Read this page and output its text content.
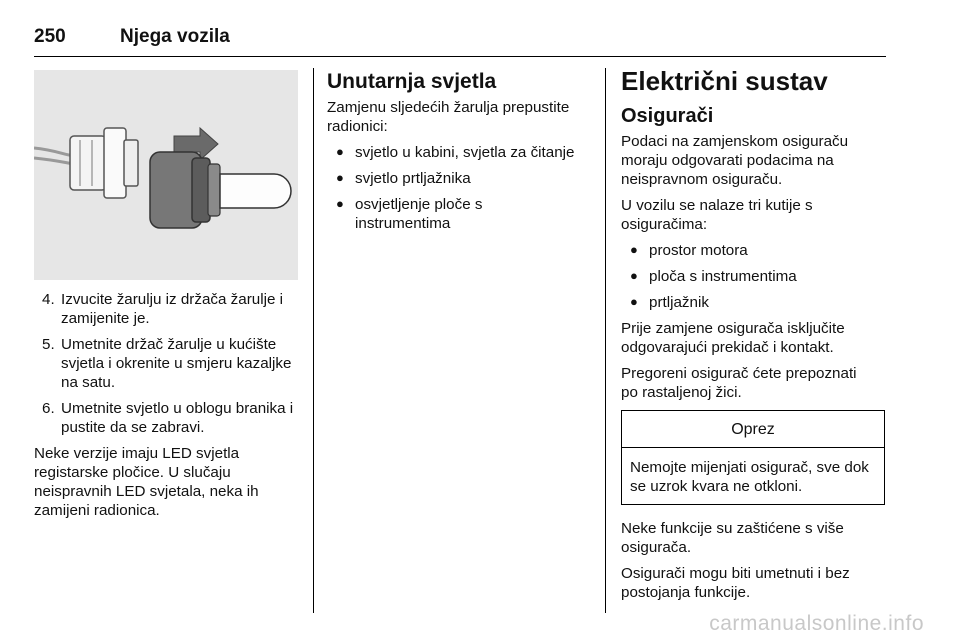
250	Njega vozila
4. Izvucite žarulju iz držača žarulje i zamijenite je.
5. Umetnite držač žarulje u kućište svjetla i okrenite u smjeru kazaljke na satu.
6. Umetnite svjetlo u oblogu branika i pustite da se zabravi.

Neke verzije imaju LED svjetla registarske pločice. U slučaju neispravnih LED svjetala, neka ih zamijeni radionica.

Unutarnja svjetla

Zamjenu sljedećih žarulja prepustite radionici:

● svjetlo u kabini, svjetla za čitanje
● svjetlo prtljažnika
● osvjetljenje ploče s instrumentima
Električni sustav
Osigurači

Podaci na zamjenskom osiguraču moraju odgovarati podacima na neispravnom osiguraču.

U vozilu se nalaze tri kutije s osiguračima:

● prostor motora
● ploča s instrumentima
● prtljažnik

Prije zamjene osigurača isključite odgovarajući prekidač i kontakt.

Pregoreni osigurač ćete prepoznati po rastaljenoj žici.

Oprez
Nemojte mijenjati osigurač, sve dok se uzrok kvara ne otkloni.

Neke funkcije su zaštićene s više osigurača.

Osigurači mogu biti umetnuti i bez postojanja funkcije.

carmanualsonline.info
